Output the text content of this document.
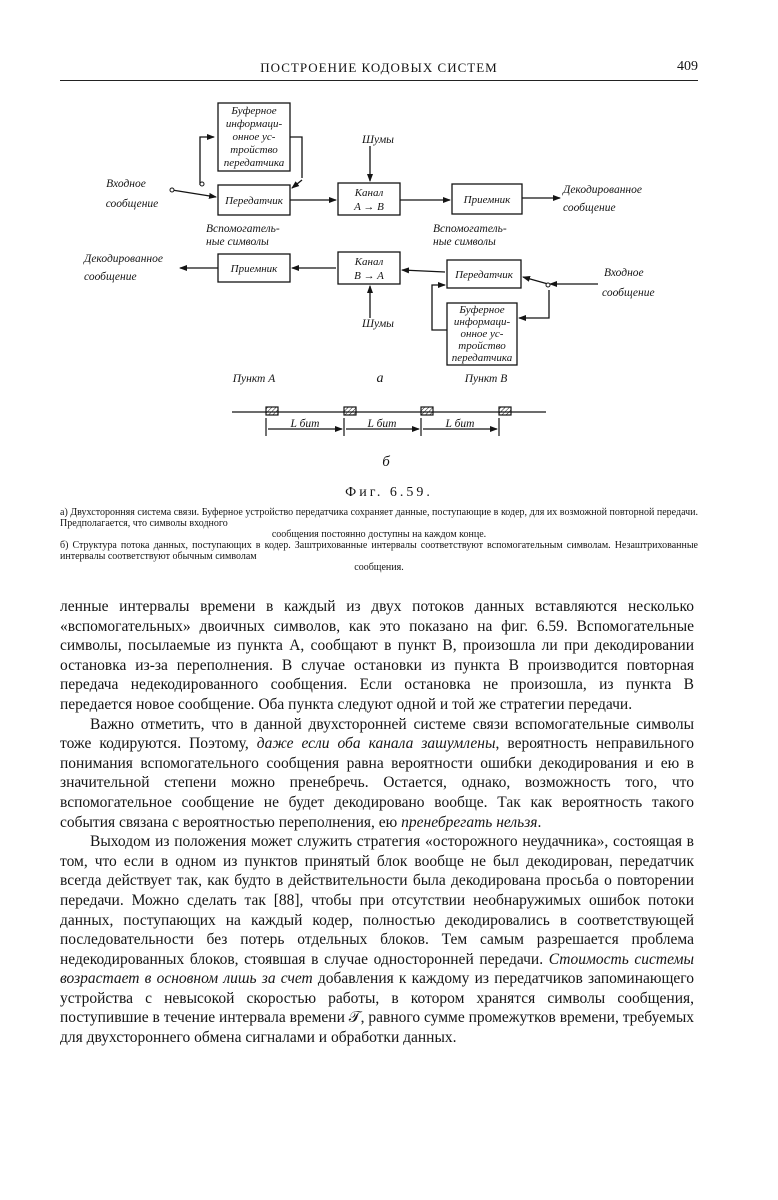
ПОСТРОЕНИЕ КОДОВЫХ СИСТЕМ	409
Буферное
информаци-
онное ус-
тройство
передатчика
Передатчик
Канал
A → B
Приемник
Приемник
Канал
B → A	Передатчик
Буферное
информаци-
онное ус-
тройство
передатчика
Шумы
Входное
сообщение
Декодированное
сообщение
Вспомогатель-
ные символы
Вспомогатель-
ные символы
Декодированное
сообщение	Входное
сообщение
Шумы
Пункт A	a	Пункт B
б
L бит	L бит	L бит
Фиг. 6.59.
а) Двухсторонняя система связи. Буферное устройство передатчика сохраняет данные, поступающие в кодер, для их возможной повторной передачи. Предполагается, что символы входного
сообщения постоянно доступны на каждом конце.
б) Структура потока данных, поступающих в кодер. Заштрихованные интервалы соответствуют вспомогательным символам. Незаштрихованные интервалы соответствуют обычным символам
сообщения.

ленные интервалы времени в каждый из двух потоков данных вставляются несколько «вспомогательных» двоичных символов, как это показано на фиг. 6.59. Вспомогательные символы, посылаемые из пункта A, сообщают в пункт B, произошла ли при декодировании остановка из-за переполнения. В случае остановки из пункта B производится повторная передача недекодированного сообщения. Если остановка не произошла, из пункта B передается новое сообщение. Оба пункта следуют одной и той же стратегии передачи.

Важно отметить, что в данной двухсторонней системе связи вспомогательные символы тоже кодируются. Поэтому, даже если оба канала зашумлены, вероятность неправильного понимания вспомогательного сообщения равна вероятности ошибки декодирования и ею в значительной степени можно пренебречь. Остается, однако, возможность того, что вспомогательное сообщение не будет декодировано вообще. Так как вероятность такого события связана с вероятностью переполнения, ею пренебрегать нельзя.

Выходом из положения может служить стратегия «осторожного неудачника», состоящая в том, что если в одном из пунктов принятый блок вообще не был декодирован, передатчик всегда действует так, как будто в действительности была декодирована просьба о повторении передачи. Можно сделать так [88], чтобы при отсутствии необнаружимых ошибок потоки данных, поступающих на каждый кодер, полностью декодировались в соответствующей последовательности без потерь отдельных блоков. Тем самым разрешается проблема недекодированных блоков, стоявшая в случае односторонней передачи. Стоимость системы возрастает в основном лишь за счет добавления к каждому из передатчиков запоминающего устройства с невысокой скоростью работы, в котором хранятся символы сообщения, поступившие в течение интервала времени 𝒯, равного сумме промежутков времени, требуемых для двухстороннего обмена сигналами и обработки данных.
